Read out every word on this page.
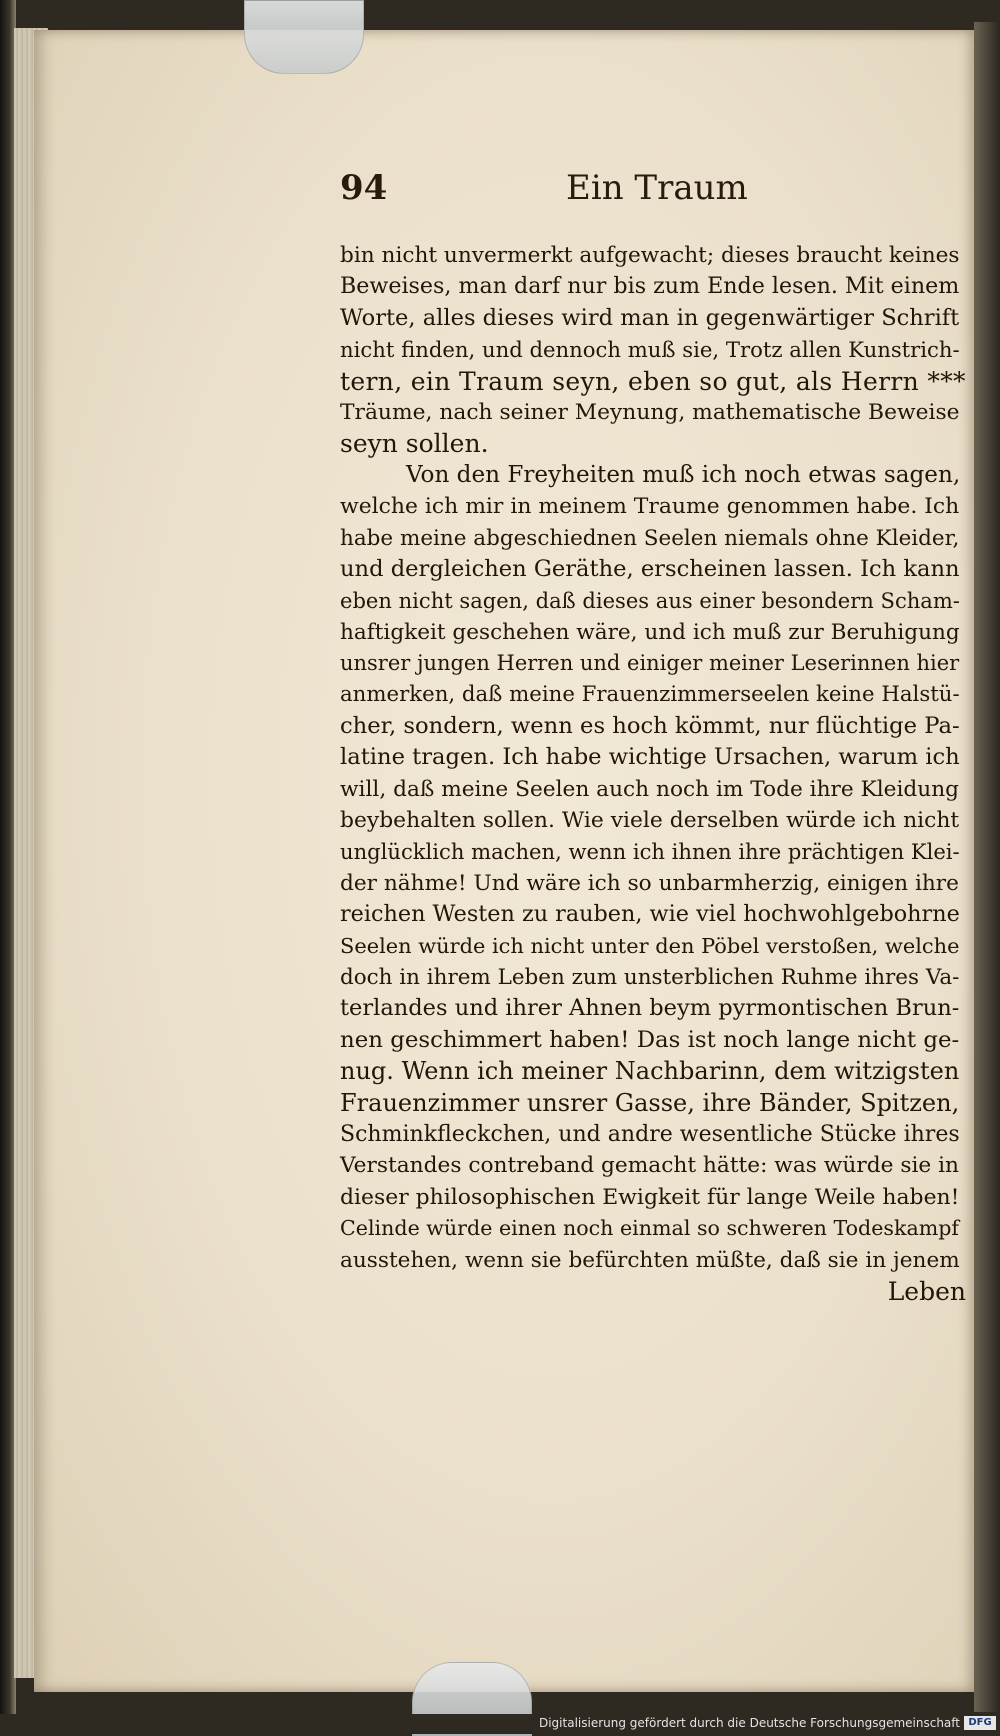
94	Ein Traum
bin nicht unvermerkt aufgewacht; dieses braucht keines
Beweises, man darf nur bis zum Ende lesen. Mit einem
Worte, alles dieses wird man in gegenwärtiger Schrift
nicht finden, und dennoch muß sie, Trotz allen Kunstrich-
tern, ein Traum seyn, eben so gut, als Herrn ***
Träume, nach seiner Meynung, mathematische Beweise
seyn sollen.
Von den Freyheiten muß ich noch etwas sagen,
welche ich mir in meinem Traume genommen habe. Ich
habe meine abgeschiednen Seelen niemals ohne Kleider,
und dergleichen Geräthe, erscheinen lassen. Ich kann
eben nicht sagen, daß dieses aus einer besondern Scham-
haftigkeit geschehen wäre, und ich muß zur Beruhigung
unsrer jungen Herren und einiger meiner Leserinnen hier
anmerken, daß meine Frauenzimmerseelen keine Halstü-
cher, sondern, wenn es hoch kömmt, nur flüchtige Pa-
latine tragen. Ich habe wichtige Ursachen, warum ich
will, daß meine Seelen auch noch im Tode ihre Kleidung
beybehalten sollen. Wie viele derselben würde ich nicht
unglücklich machen, wenn ich ihnen ihre prächtigen Klei-
der nähme! Und wäre ich so unbarmherzig, einigen ihre
reichen Westen zu rauben, wie viel hochwohlgebohrne
Seelen würde ich nicht unter den Pöbel verstoßen, welche
doch in ihrem Leben zum unsterblichen Ruhme ihres Va-
terlandes und ihrer Ahnen beym pyrmontischen Brun-
nen geschimmert haben! Das ist noch lange nicht ge-
nug. Wenn ich meiner Nachbarinn, dem witzigsten
Frauenzimmer unsrer Gasse, ihre Bänder, Spitzen,
Schminkfleckchen, und andre wesentliche Stücke ihres
Verstandes contreband gemacht hätte: was würde sie in
dieser philosophischen Ewigkeit für lange Weile haben!
Celinde würde einen noch einmal so schweren Todeskampf
ausstehen, wenn sie befürchten müßte, daß sie in jenem
Leben
Digitalisierung gefördert durch die Deutsche Forschungsgemeinschaft DFG
